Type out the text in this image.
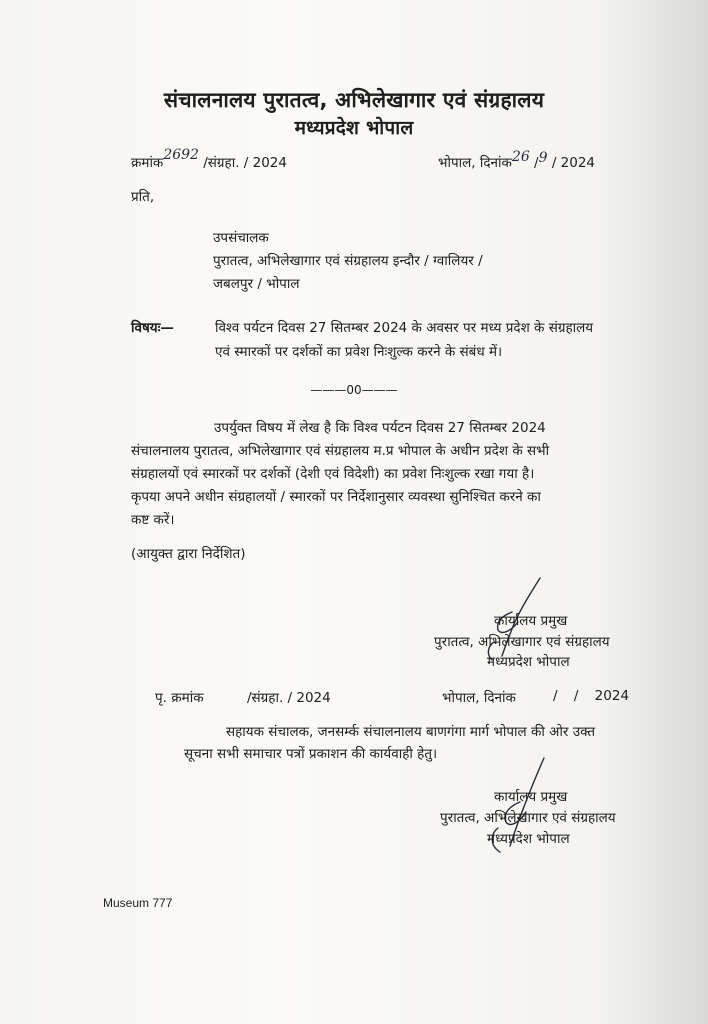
संचालनालय पुरातत्व, अभिलेखागार एवं संग्रहालय
मध्यप्रदेश भोपाल
क्रमांक2692 /संग्रहा. / 2024	भोपाल, दिनांक26 /9 / 2024
प्रति,
उपसंचालक
पुरातत्व, अभिलेखागार एवं संग्रहालय इन्दौर / ग्वालियर /
जबलपुर / भोपाल
विषयः—	विश्व पर्यटन दिवस 27 सितम्बर 2024 के अवसर पर मध्य प्रदेश के संग्रहालय
एवं स्मारकों पर दर्शकों का प्रवेश निःशुल्क करने के संबंध में।
———00———
उपर्युक्त विषय में लेख है कि विश्व पर्यटन दिवस 27 सितम्बर 2024
संचालनालय पुरातत्व, अभिलेखागार एवं संग्रहालय म.प्र भोपाल के अधीन प्रदेश के सभी
संग्रहालयों एवं स्मारकों पर दर्शकों (देशी एवं विदेशी) का प्रवेश निःशुल्क रखा गया है।
कृपया अपने अधीन संग्रहालयों / स्मारकों पर निर्देशानुसार व्यवस्था सुनिश्चित करने का
कष्ट करें।
(आयुक्त द्वारा निर्देशित)
कार्यालय प्रमुख
पुरातत्व, अभिलेखागार एवं संग्रहालय
मध्यप्रदेश भोपाल
पृ. क्रमांक	/संग्रहा. / 2024	भोपाल, दिनांक	/ / 2024
सहायक संचालक, जनसर्म्क संचालनालय बाणगंगा मार्ग भोपाल की ओर उक्त
सूचना सभी समाचार पत्रों प्रकाशन की कार्यवाही हेतु।
कार्यालय प्रमुख
पुरातत्व, अभिलेखागार एवं संग्रहालय
मध्यप्रदेश भोपाल
Museum 777
